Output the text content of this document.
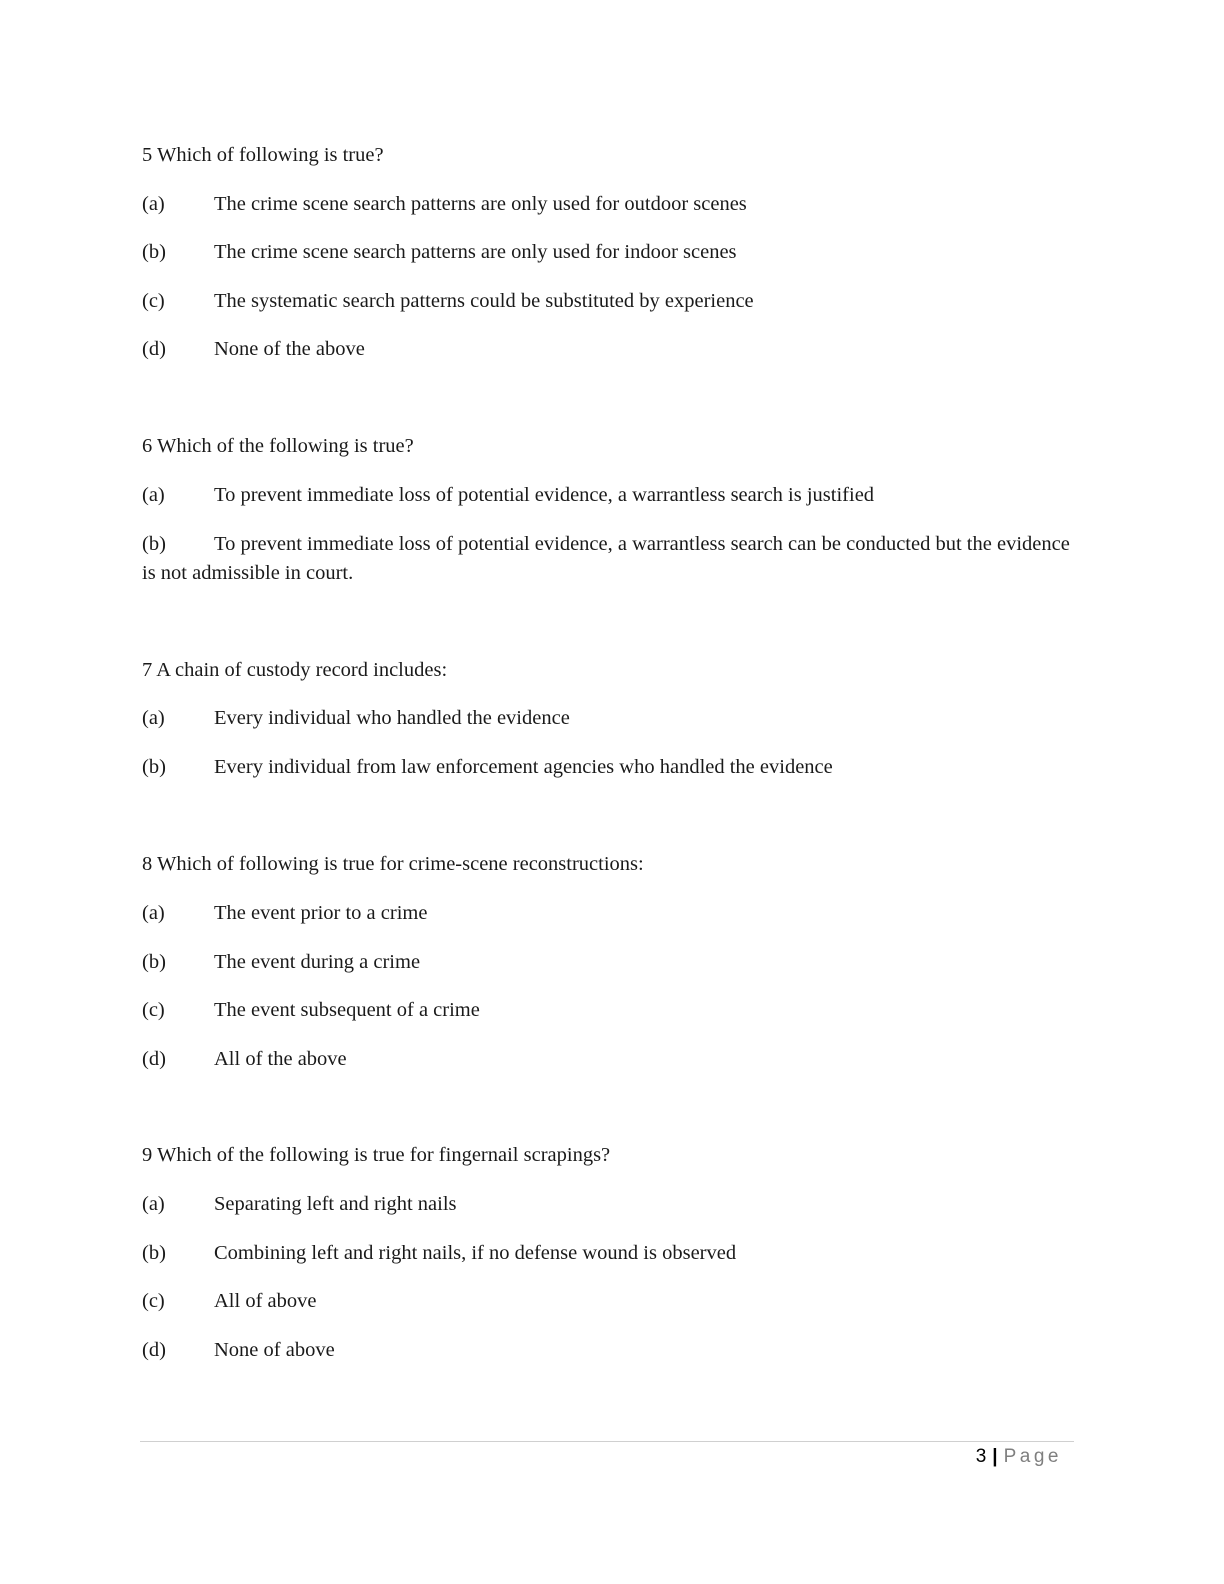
5 Which of following is true?
(a) The crime scene search patterns are only used for outdoor scenes
(b) The crime scene search patterns are only used for indoor scenes
(c) The systematic search patterns could be substituted by experience
(d) None of the above
6 Which of the following is true?
(a) To prevent immediate loss of potential evidence, a warrantless search is justified
(b) To prevent immediate loss of potential evidence, a warrantless search can be conducted but the evidence is not admissible in court.
7 A chain of custody record includes:
(a) Every individual who handled the evidence
(b) Every individual from law enforcement agencies who handled the evidence
8 Which of following is true for crime-scene reconstructions:
(a) The event prior to a crime
(b) The event during a crime
(c) The event subsequent of a crime
(d) All of the above
9 Which of the following is true for fingernail scrapings?
(a) Separating left and right nails
(b) Combining left and right nails, if no defense wound is observed
(c) All of above
(d) None of above
3 | Page
